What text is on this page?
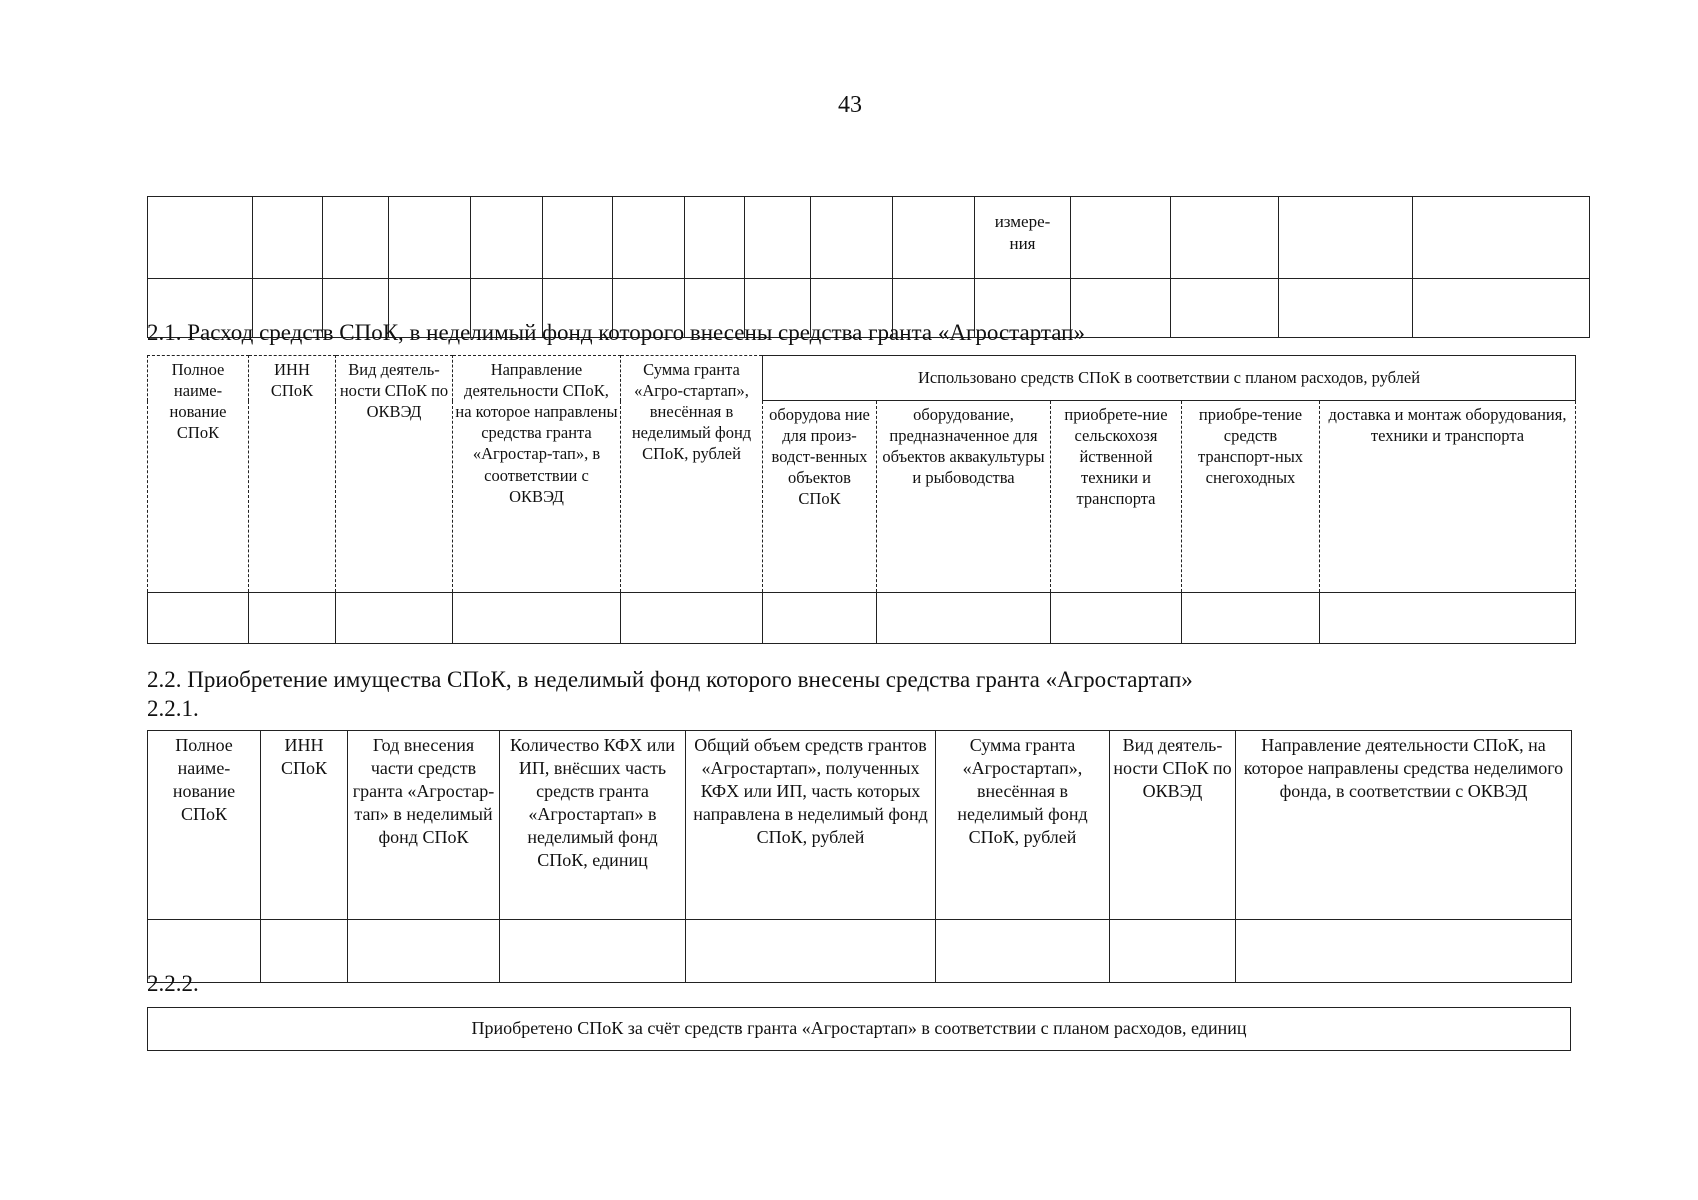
43
											измере-
ния				

2.1. Расход средств СПоК, в неделимый фонд которого внесены средства гранта «Агростартап»
Полное наиме-нование СПоК	ИНН СПоК	Вид деятель-ности СПоК по ОКВЭД	Направление деятельности СПоК, на которое направлены средства гранта «Агростар-тап», в соответствии с ОКВЭД	Сумма гранта «Агро-стартап», внесённая в неделимый фонд СПоК, рублей	Использовано средств СПоК в соответствии с планом расходов, рублей				
					оборудова ние для произ-водст-венных объектов СПоК	оборудование, предназначенное для объектов аквакультуры и рыбоводства	приобрете-ние сельскохозя йственной техники и транспорта	приобре-тение средств транспорт-ных снегоходных	доставка и монтаж оборудования, техники и транспорта

2.2. Приобретение имущества СПоК, в неделимый фонд которого внесены средства гранта «Агростартап»
2.2.1.
Полное наиме-нование СПоК	ИНН СПоК	Год внесения части средств гранта «Агростар-тап» в неделимый фонд СПоК	Количество КФХ или ИП, внёсших часть средств гранта «Агростартап» в неделимый фонд СПоК, единиц	Общий объем средств грантов «Агростартап», полученных КФХ или ИП, часть которых направлена в неделимый фонд СПоК, рублей	Сумма гранта «Агростартап», внесённая в неделимый фонд СПоК, рублей	Вид деятель-ности СПоК по ОКВЭД	Направление деятельности СПоК, на которое направлены средства неделимого фонда, в соответствии с ОКВЭД

2.2.2.
Приобретено СПоК за счёт средств гранта «Агростартап» в соответствии с планом расходов, единиц
